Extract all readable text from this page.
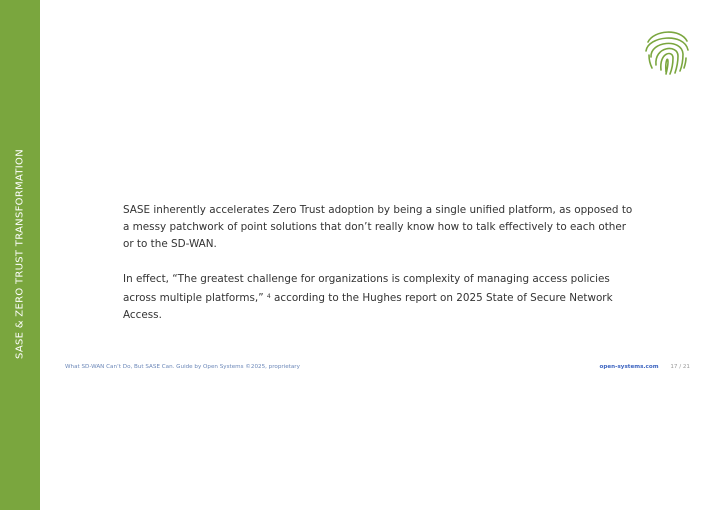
SASE & ZERO TRUST TRANSFORMATION	SASE inherently accelerates Zero Trust adoption by being a single unified platform, as opposed to a messy patchwork of point solutions that don’t really know how to talk effectively to each other or to the SD-WAN.

In effect, “The greatest challenge for organizations is complexity of managing access policies across multiple platforms,” $^4$ according to the Hughes report on 2025 State of Secure Network Access.

What SD-WAN Can’t Do, But SASE Can. Guide by Open Systems ©2025, proprietary	open-systems.com 17 / 21
